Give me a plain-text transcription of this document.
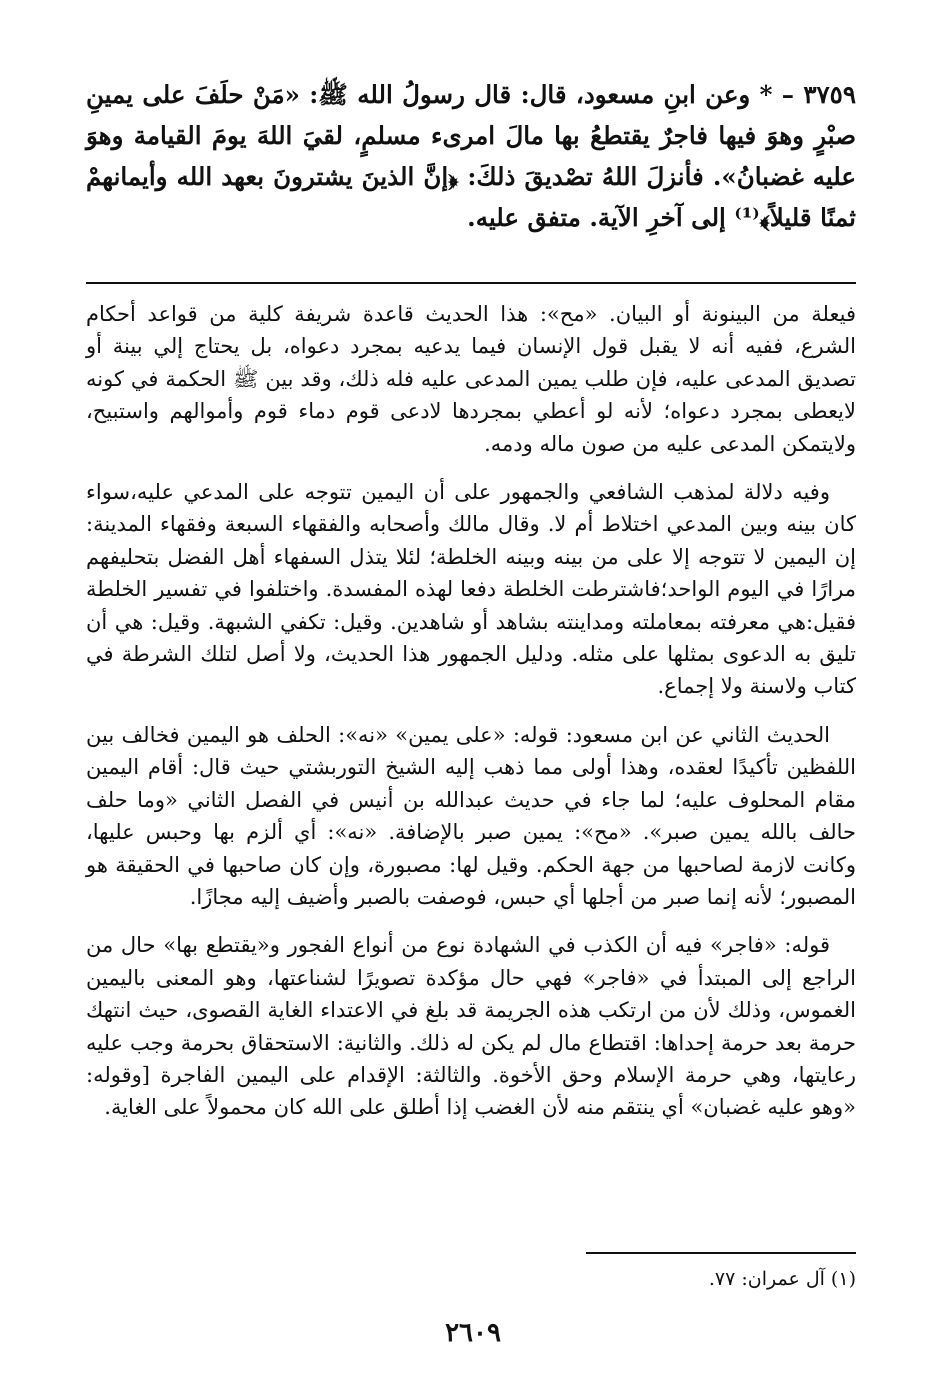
٣٧٥٩ – * وعن ابنِ مسعود، قال: قال رسولُ الله ﷺ: «مَنْ حلَفَ على يمينِ صبْرٍ وهوَ فيها فاجرٌ يقتطعُ بها مالَ امرىء مسلمٍ، لقيَ اللهَ يومَ القيامة وهوَ عليه غضبانُ». فأنزلَ اللهُ تصْديقَ ذلكَ: ﴿إنَّ الذينَ يشترونَ بعهد الله وأيمانهمْ ثمنًا قليلاً﴾⁽¹⁾ إلى آخرِ الآية. متفق عليه.

فيعلة من البينونة أو البيان. «مح»: هذا الحديث قاعدة شريفة كلية من قواعد أحكام الشرع، ففيه أنه لا يقبل قول الإنسان فيما يدعيه بمجرد دعواه، بل يحتاج إلي بينة أو تصديق المدعى عليه، فإن طلب يمين المدعى عليه فله ذلك، وقد بين ﷺ الحكمة في كونه لايعطى بمجرد دعواه؛ لأنه لو أعطي بمجردها لادعى قوم دماء قوم وأموالهم واستبيح، ولايتمكن المدعى عليه من صون ماله ودمه.

وفيه دلالة لمذهب الشافعي والجمهور على أن اليمين تتوجه على المدعي عليه،سواء كان بينه وبين المدعي اختلاط أم لا. وقال مالك وأصحابه والفقهاء السبعة وفقهاء المدينة: إن اليمين لا تتوجه إلا على من بينه وبينه الخلطة؛ لئلا يتذل السفهاء أهل الفضل بتحليفهم مرارًا في اليوم الواحد؛فاشترطت الخلطة دفعا لهذه المفسدة. واختلفوا في تفسير الخلطة فقيل:هي معرفته بمعاملته ومداينته بشاهد أو شاهدين. وقيل: تكفي الشبهة. وقيل: هي أن تليق به الدعوى بمثلها على مثله. ودليل الجمهور هذا الحديث، ولا أصل لتلك الشرطة في كتاب ولاسنة ولا إجماع.

الحديث الثاني عن ابن مسعود: قوله: «على يمين» «نه»: الحلف هو اليمين فخالف بين اللفظين تأكيدًا لعقده، وهذا أولى مما ذهب إليه الشيخ التوربشتي حيث قال: أقام اليمين مقام المحلوف عليه؛ لما جاء في حديث عبدالله بن أنيس في الفصل الثاني «وما حلف حالف بالله يمين صبر». «مح»: يمين صبر بالإضافة. «نه»: أي ألزم بها وحبس عليها، وكانت لازمة لصاحبها من جهة الحكم. وقيل لها: مصبورة، وإن كان صاحبها في الحقيقة هو المصبور؛ لأنه إنما صبر من أجلها أي حبس، فوصفت بالصبر وأضيف إليه مجازًا.

قوله: «فاجر» فيه أن الكذب في الشهادة نوع من أنواع الفجور و«يقتطع بها» حال من الراجع إلى المبتدأ في «فاجر» فهي حال مؤكدة تصويرًا لشناعتها، وهو المعنى باليمين الغموس، وذلك لأن من ارتكب هذه الجريمة قد بلغ في الاعتداء الغاية القصوى، حيث انتهك حرمة بعد حرمة إحداها: اقتطاع مال لم يكن له ذلك. والثانية: الاستحقاق بحرمة وجب عليه رعايتها، وهي حرمة الإسلام وحق الأخوة. والثالثة: الإقدام على اليمين الفاجرة [وقوله: «وهو عليه غضبان» أي ينتقم منه لأن الغضب إذا أطلق على الله كان محمولاً على الغاية.

(١) آل عمران: ٧٧.
٢٦٠٩
